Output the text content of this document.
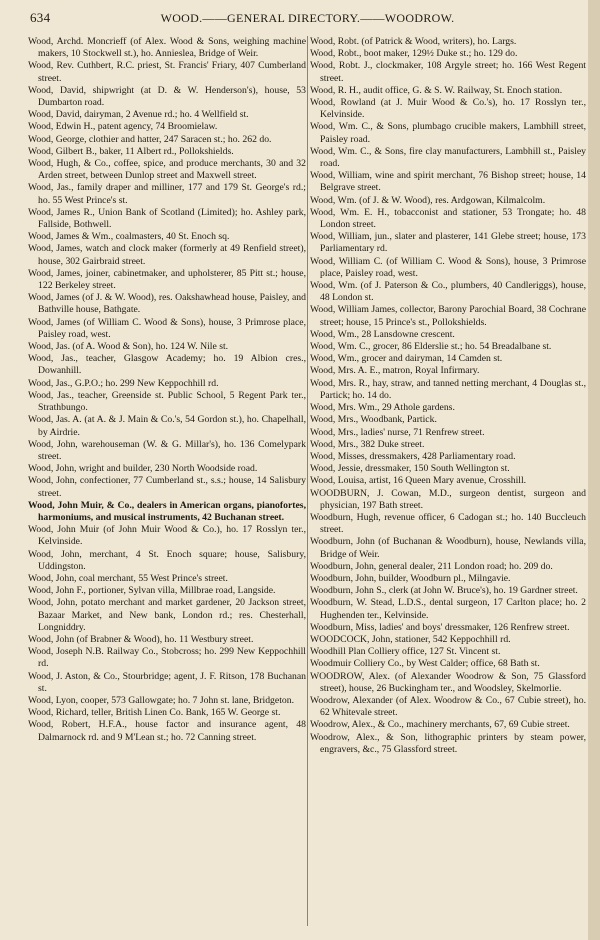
634	WOOD.——GENERAL DIRECTORY.——WOODROW.

Wood, Archd. Moncrieff (of Alex. Wood & Sons, weighing machine makers, 10 Stockwell st.), ho. Anniesleа, Bridge of Weir.

Wood, Rev. Cuthbert, R.C. priest, St. Francis' Friary, 407 Cumberland street.

Wood, David, shipwright (at D. & W. Henderson's), house, 53 Dumbarton road.

Wood, David, dairyman, 2 Avenue rd.; ho. 4 Wellfield st.

Wood, Edwin H., patent agency, 74 Broomielaw.

Wood, George, clothier and hatter, 247 Saracen st.; ho. 262 do.

Wood, Gilbert B., baker, 11 Albert rd., Pollokshields.

Wood, Hugh, & Co., coffee, spice, and produce merchants, 30 and 32 Arden street, between Dunlop street and Maxwell street.

Wood, Jas., family draper and milliner, 177 and 179 St. George's rd.; ho. 55 West Prince's st.

Wood, James R., Union Bank of Scotland (Limited); ho. Ashley park, Fallside, Bothwell.

Wood, James & Wm., coalmasters, 40 St. Enoch sq.

Wood, James, watch and clock maker (formerly at 49 Renfield street), house, 302 Gairbraid street.

Wood, James, joiner, cabinetmaker, and upholsterer, 85 Pitt st.; house, 122 Berkeley street.

Wood, James (of J. & W. Wood), res. Oakshawhead house, Paisley, and Bathville house, Bathgate.

Wood, James (of William C. Wood & Sons), house, 3 Primrose place, Paisley road, west.

Wood, Jas. (of A. Wood & Son), ho. 124 W. Nile st.

Wood, Jas., teacher, Glasgow Academy; ho. 19 Albion cres., Dowanhill.

Wood, Jas., G.P.O.; ho. 299 New Keppochhill rd.

Wood, Jas., teacher, Greenside st. Public School, 5 Regent Park ter., Strathbungo.

Wood, Jas. A. (at A. & J. Main & Co.'s, 54 Gordon st.), ho. Chapelhall, by Airdrie.

Wood, John, warehouseman (W. & G. Millar's), ho. 136 Comelypark street.

Wood, John, wright and builder, 230 North Woodside road.

Wood, John, confectioner, 77 Cumberland st., s.s.; house, 14 Salisbury street.

Wood, John Muir, & Co., dealers in American organs, pianofortes, harmoniums, and musical instruments, 42 Buchanan street.

Wood, John Muir (of John Muir Wood & Co.), ho. 17 Rosslyn ter., Kelvinside.

Wood, John, merchant, 4 St. Enoch square; house, Salisbury, Uddingston.

Wood, John, coal merchant, 55 West Prince's street.

Wood, John F., portioner, Sylvan villa, Millbrae road, Langside.

Wood, John, potato merchant and market gardener, 20 Jackson street, Bazaar Market, and New bank, London rd.; res. Chesterhall, Longniddry.

Wood, John (of Brabner & Wood), ho. 11 Westbury street.

Wood, Joseph N.B. Railway Co., Stobcross; ho. 299 New Keppochhill rd.

Wood, J. Aston, & Co., Stourbridge; agent, J. F. Ritson, 178 Buchanan st.

Wood, Lyon, cooper, 573 Gallowgate; ho. 7 John st. lane, Bridgeton.

Wood, Richard, teller, British Linen Co. Bank, 165 W. George st.

Wood, Robert, H.F.A., house factor and insurance agent, 48 Dalmarnock rd. and 9 M'Lean st.; ho. 72 Canning street.

Wood, Robt. (of Patrick & Wood, writers), ho. Largs.

Wood, Robt., boot maker, 129½ Duke st.; ho. 129 do.

Wood, Robt. J., clockmaker, 108 Argyle street; ho. 166 West Regent street.

Wood, R. H., audit office, G. & S. W. Railway, St. Enoch station.

Wood, Rowland (at J. Muir Wood & Co.'s), ho. 17 Rosslyn ter., Kelvinside.

Wood, Wm. C., & Sons, plumbago crucible makers, Lambhill street, Paisley road.

Wood, Wm. C., & Sons, fire clay manufacturers, Lambhill st., Paisley road.

Wood, William, wine and spirit merchant, 76 Bishop street; house, 14 Belgrave street.

Wood, Wm. (of J. & W. Wood), res. Ardgowan, Kilmalcolm.

Wood, Wm. E. H., tobacconist and stationer, 53 Trongate; ho. 48 London street.

Wood, William, jun., slater and plasterer, 141 Glebe street; house, 173 Parliamentary rd.

Wood, William C. (of William C. Wood & Sons), house, 3 Primrose place, Paisley road, west.

Wood, Wm. (of J. Paterson & Co., plumbers, 40 Candleriggs), house, 48 London st.

Wood, William James, collector, Barony Parochial Board, 38 Cochrane street; house, 15 Prince's st., Pollokshields.

Wood, Wm., 28 Lansdowne crescent.

Wood, Wm. C., grocer, 86 Elderslie st.; ho. 54 Breadalbane st.

Wood, Wm., grocer and dairyman, 14 Camden st.

Wood, Mrs. A. E., matron, Royal Infirmary.

Wood, Mrs. R., hay, straw, and tanned netting merchant, 4 Douglas st., Partick; ho. 14 do.

Wood, Mrs. Wm., 29 Athole gardens.

Wood, Mrs., Woodbank, Partick.

Wood, Mrs., ladies' nurse, 71 Renfrew street.

Wood, Mrs., 382 Duke street.

Wood, Misses, dressmakers, 428 Parliamentary road.

Wood, Jessie, dressmaker, 150 South Wellington st.

Wood, Louisa, artist, 16 Queen Mary avenue, Crosshill.

WOODBURN, J. Cowan, M.D., surgeon dentist, surgeon and physician, 197 Bath street.

Woodburn, Hugh, revenue officer, 6 Cadogan st.; ho. 140 Buccleuch street.

Woodburn, John (of Buchanan & Woodburn), house, Newlands villa, Bridge of Weir.

Woodburn, John, general dealer, 211 London road; ho. 209 do.

Woodburn, John, builder, Woodburn pl., Milngavie.

Woodburn, John S., clerk (at John W. Bruce's), ho. 19 Gardner street.

Woodburn, W. Stead, L.D.S., dental surgeon, 17 Carlton place; ho. 2 Hughenden ter., Kelvinside.

Woodburn, Miss, ladies' and boys' dressmaker, 126 Renfrew street.

WOODCOCK, John, stationer, 542 Keppochhill rd.

Woodhill Plan Colliery office, 127 St. Vincent st.

Woodmuir Colliery Co., by West Calder; office, 68 Bath st.

WOODROW, Alex. (of Alexander Woodrow & Son, 75 Glassford street), house, 26 Buckingham ter., and Woodsley, Skelmorlie.

Woodrow, Alexander (of Alex. Woodrow & Co., 67 Cubie street), ho. 62 Whitevale street.

Woodrow, Alex., & Co., machinery merchants, 67, 69 Cubie street.

Woodrow, Alex., & Son, lithographic printers by steam power, engravers, &c., 75 Glassford street.
